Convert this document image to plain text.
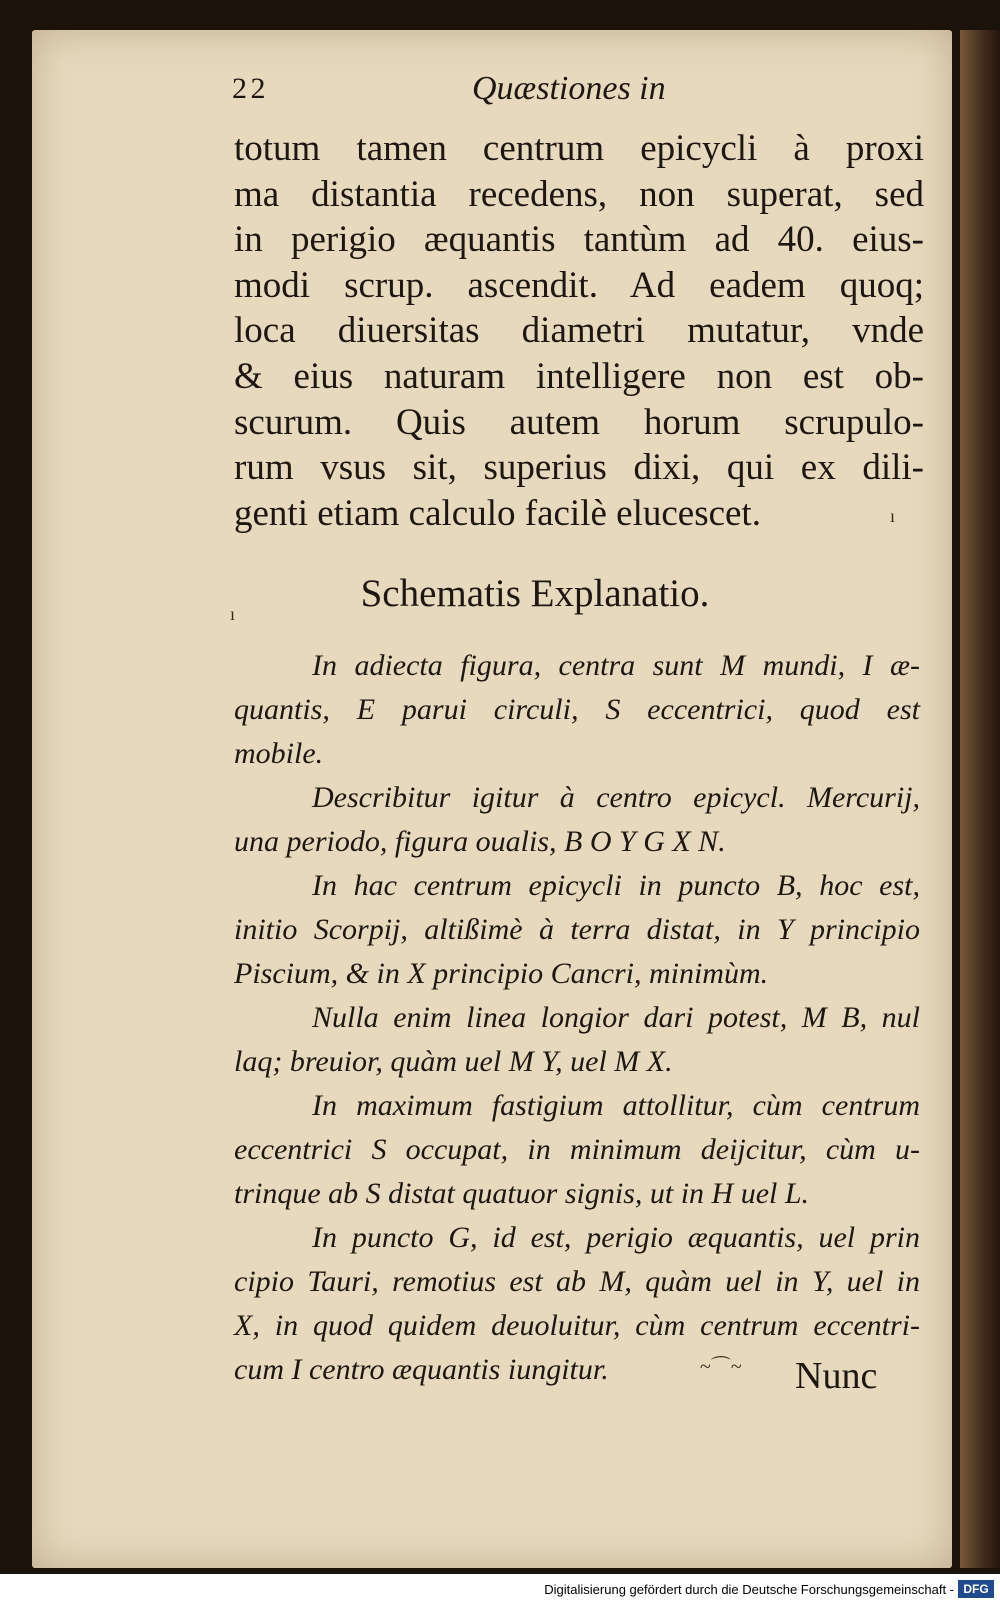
2 2	Quæstiones in
totum tamen centrum epicycli à proxi
ma distantia recedens, non superat, sed
in perigio æquantis tantùm ad 40. eius-
modi scrup. ascendit. Ad eadem quoq;
loca diuersitas diametri mutatur, vnde
& eius naturam intelligere non est ob-
scurum. Quis autem horum scrupulo-
rum vsus sit, superius dixi, qui ex dili-
genti etiam calculo facilè elucescet.
Schematis Explanatio.
In adiecta figura, centra sunt M mundi, I æ-
quantis, E parui circuli, S eccentrici, quod est
mobile.
Describitur igitur à centro epicycl. Mercurij,
una periodo, figura oualis, B O Y G X N.
In hac centrum epicycli in puncto B, hoc est,
initio Scorpij, altißimè à terra distat, in Y principio
Piscium, & in X principio Cancri, minimùm.
Nulla enim linea longior dari potest, M B, nul
laq; breuior, quàm uel M Y, uel M X.
In maximum fastigium attollitur, cùm centrum
eccentrici S occupat, in minimum deijcitur, cùm u-
trinque ab S distat quatuor signis, ut in H uel L.
In puncto G, id est, perigio æquantis, uel prin
cipio Tauri, remotius est ab M, quàm uel in Y, uel in
X, in quod quidem deuoluitur, cùm centrum eccentri-
cum I centro æquantis iungitur.	~⌒~ Nunc
ı
ı
Digitalisierung gefördert durch die Deutsche Forschungsgemeinschaft - DFG
